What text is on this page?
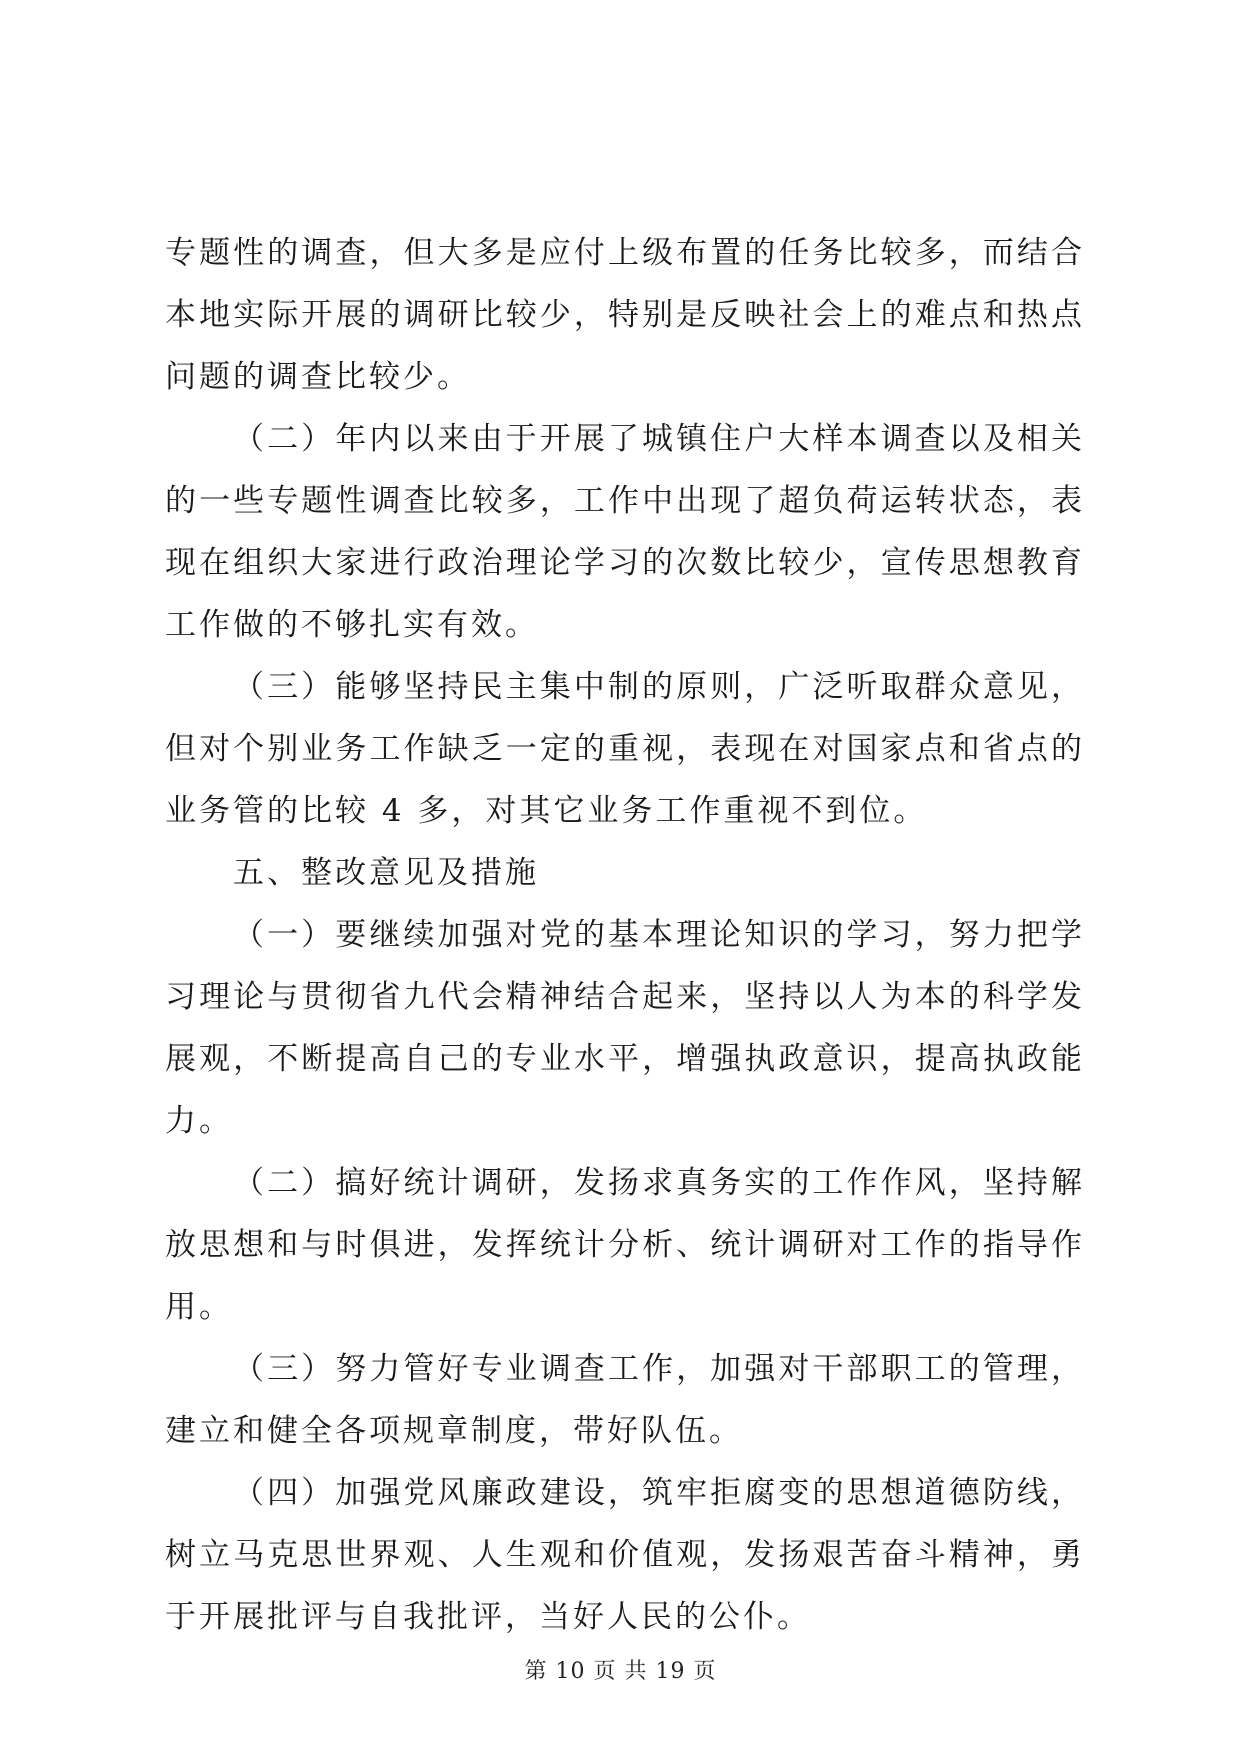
专题性的调查，但大多是应付上级布置的任务比较多，而结合本地实际开展的调研比较少，特别是反映社会上的难点和热点问题的调查比较少。

（二）年内以来由于开展了城镇住户大样本调查以及相关的一些专题性调查比较多，工作中出现了超负荷运转状态，表现在组织大家进行政治理论学习的次数比较少，宣传思想教育工作做的不够扎实有效。

（三）能够坚持民主集中制的原则，广泛听取群众意见，但对个别业务工作缺乏一定的重视，表现在对国家点和省点的业务管的比较 4 多，对其它业务工作重视不到位。

五、整改意见及措施

（一）要继续加强对党的基本理论知识的学习，努力把学习理论与贯彻省九代会精神结合起来，坚持以人为本的科学发展观，不断提高自己的专业水平，增强执政意识，提高执政能力。

（二）搞好统计调研，发扬求真务实的工作作风，坚持解放思想和与时俱进，发挥统计分析、统计调研对工作的指导作用。

（三）努力管好专业调查工作，加强对干部职工的管理，建立和健全各项规章制度，带好队伍。

（四）加强党风廉政建设，筑牢拒腐变的思想道德防线，树立马克思世界观、人生观和价值观，发扬艰苦奋斗精神，勇于开展批评与自我批评，当好人民的公仆。

第 10 页 共 19 页
